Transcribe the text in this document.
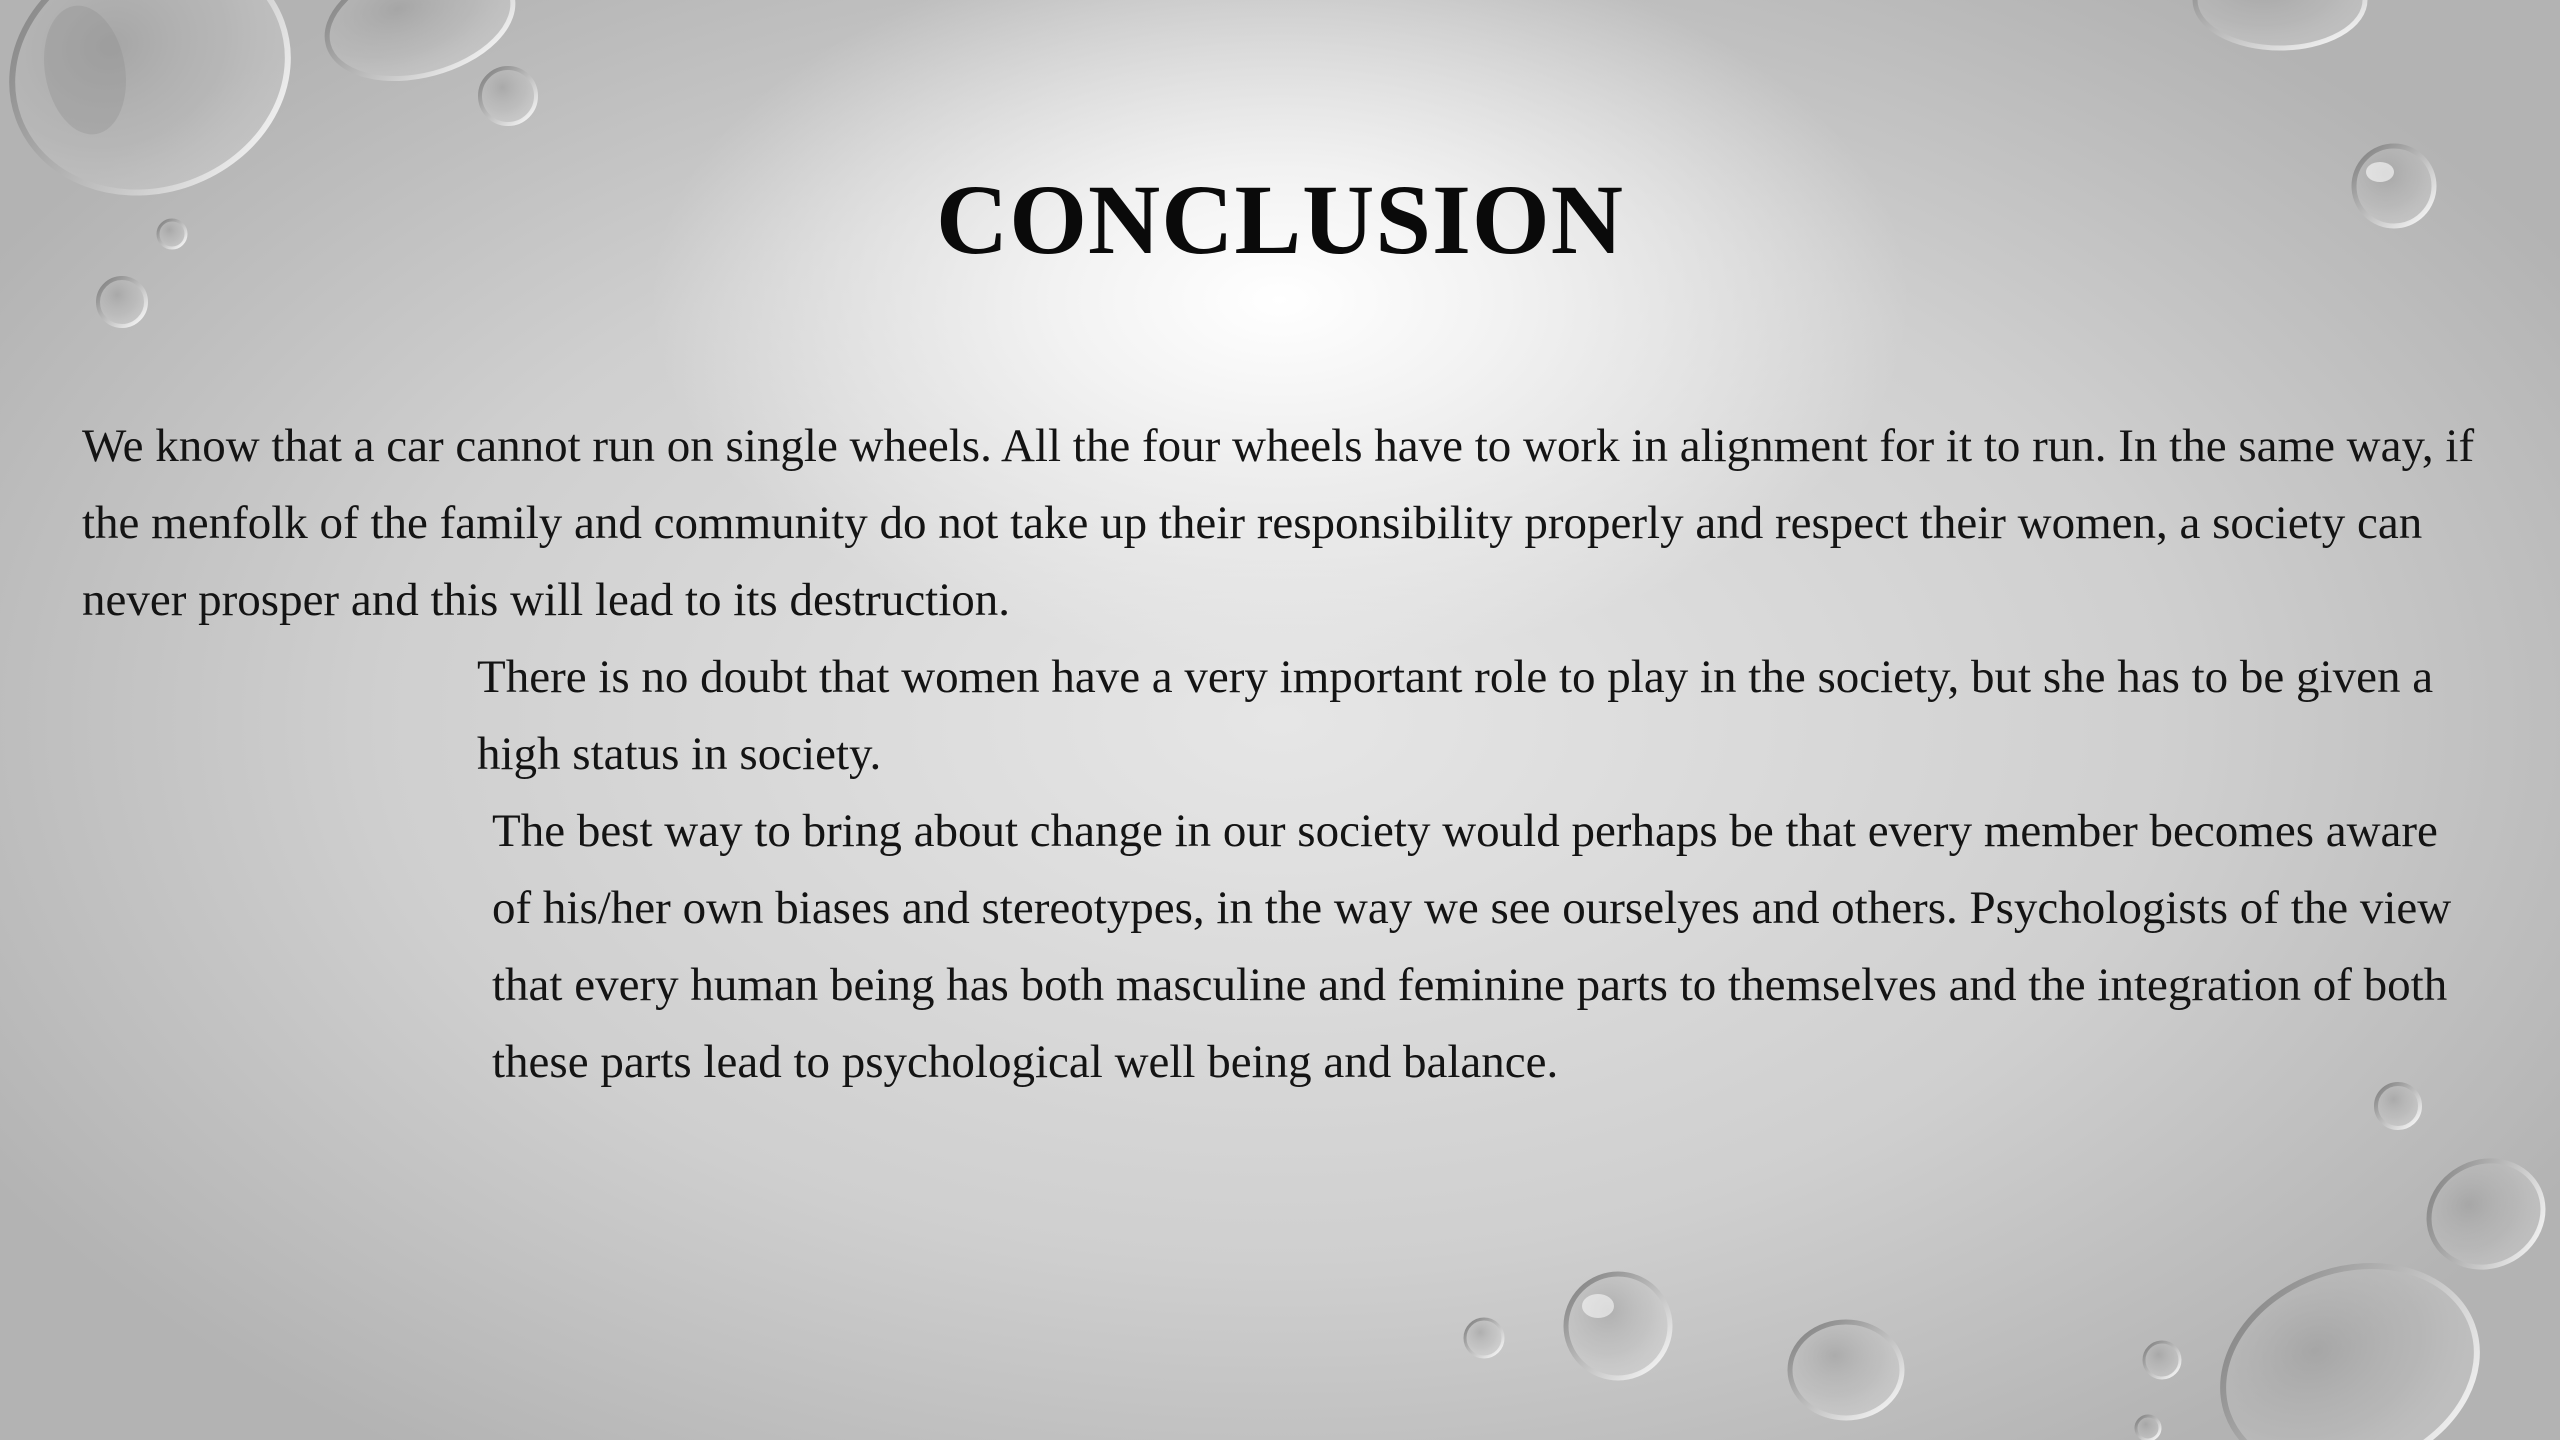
CONCLUSION

We know that a car cannot run on single wheels. All the four wheels have to work in alignment for it to run. In the same way, if the menfolk of the family and community do not take up their responsibility properly and respect their women, a society can never prosper and this will lead to its destruction.

There is no doubt that women have a very important role to play in the society, but she has to be given a high status in society.

The best way to bring about change in our society would perhaps be that every member becomes aware of his/her own biases and stereotypes, in the way we see ourselyes and others. Psychologists of the view that every human being has both masculine and feminine parts to themselves and the integration of both these parts lead to psychological well being and balance.
